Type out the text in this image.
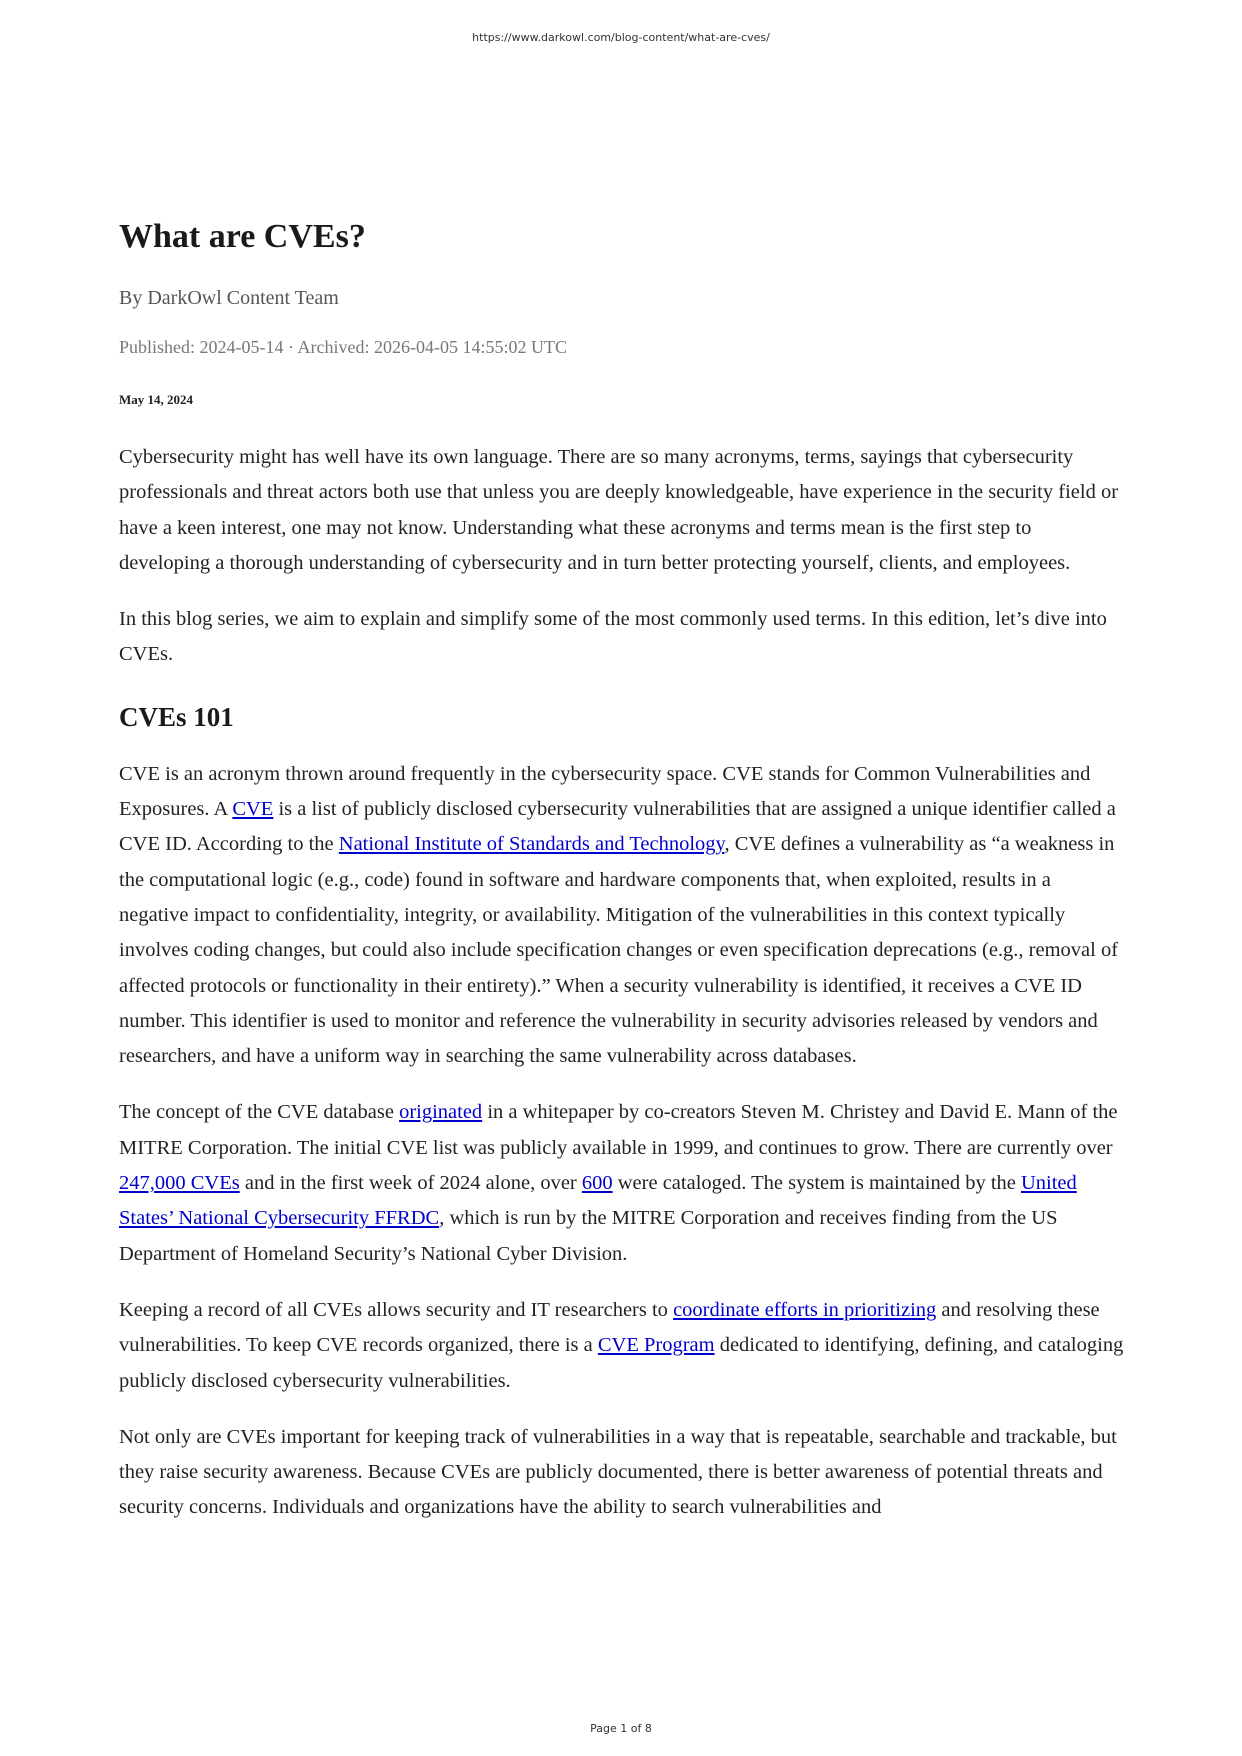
https://www.darkowl.com/blog-content/what-are-cves/
What are CVEs?
By DarkOwl Content Team
Published: 2024-05-14 · Archived: 2026-04-05 14:55:02 UTC
May 14, 2024

Cybersecurity might has well have its own language. There are so many acronyms, terms, sayings that cybersecurity professionals and threat actors both use that unless you are deeply knowledgeable, have experience in the security field or have a keen interest, one may not know. Understanding what these acronyms and terms mean is the first step to developing a thorough understanding of cybersecurity and in turn better protecting yourself, clients, and employees.

In this blog series, we aim to explain and simplify some of the most commonly used terms. In this edition, let’s dive into CVEs.

CVEs 101

CVE is an acronym thrown around frequently in the cybersecurity space. CVE stands for Common Vulnerabilities and Exposures. A CVE is a list of publicly disclosed cybersecurity vulnerabilities that are assigned a unique identifier called a CVE ID. According to the National Institute of Standards and Technology, CVE defines a vulnerability as “a weakness in the computational logic (e.g., code) found in software and hardware components that, when exploited, results in a negative impact to confidentiality, integrity, or availability. Mitigation of the vulnerabilities in this context typically involves coding changes, but could also include specification changes or even specification deprecations (e.g., removal of affected protocols or functionality in their entirety).” When a security vulnerability is identified, it receives a CVE ID number. This identifier is used to monitor and reference the vulnerability in security advisories released by vendors and researchers, and have a uniform way in searching the same vulnerability across databases.

The concept of the CVE database originated in a whitepaper by co-creators Steven M. Christey and David E. Mann of the MITRE Corporation. The initial CVE list was publicly available in 1999, and continues to grow. There are currently over 247,000 CVEs and in the first week of 2024 alone, over 600 were cataloged. The system is maintained by the United States’ National Cybersecurity FFRDC, which is run by the MITRE Corporation and receives finding from the US Department of Homeland Security’s National Cyber Division.

Keeping a record of all CVEs allows security and IT researchers to coordinate efforts in prioritizing and resolving these vulnerabilities. To keep CVE records organized, there is a CVE Program dedicated to identifying, defining, and cataloging publicly disclosed cybersecurity vulnerabilities.

Not only are CVEs important for keeping track of vulnerabilities in a way that is repeatable, searchable and trackable, but they raise security awareness. Because CVEs are publicly documented, there is better awareness of potential threats and security concerns. Individuals and organizations have the ability to search vulnerabilities and

Page 1 of 8
